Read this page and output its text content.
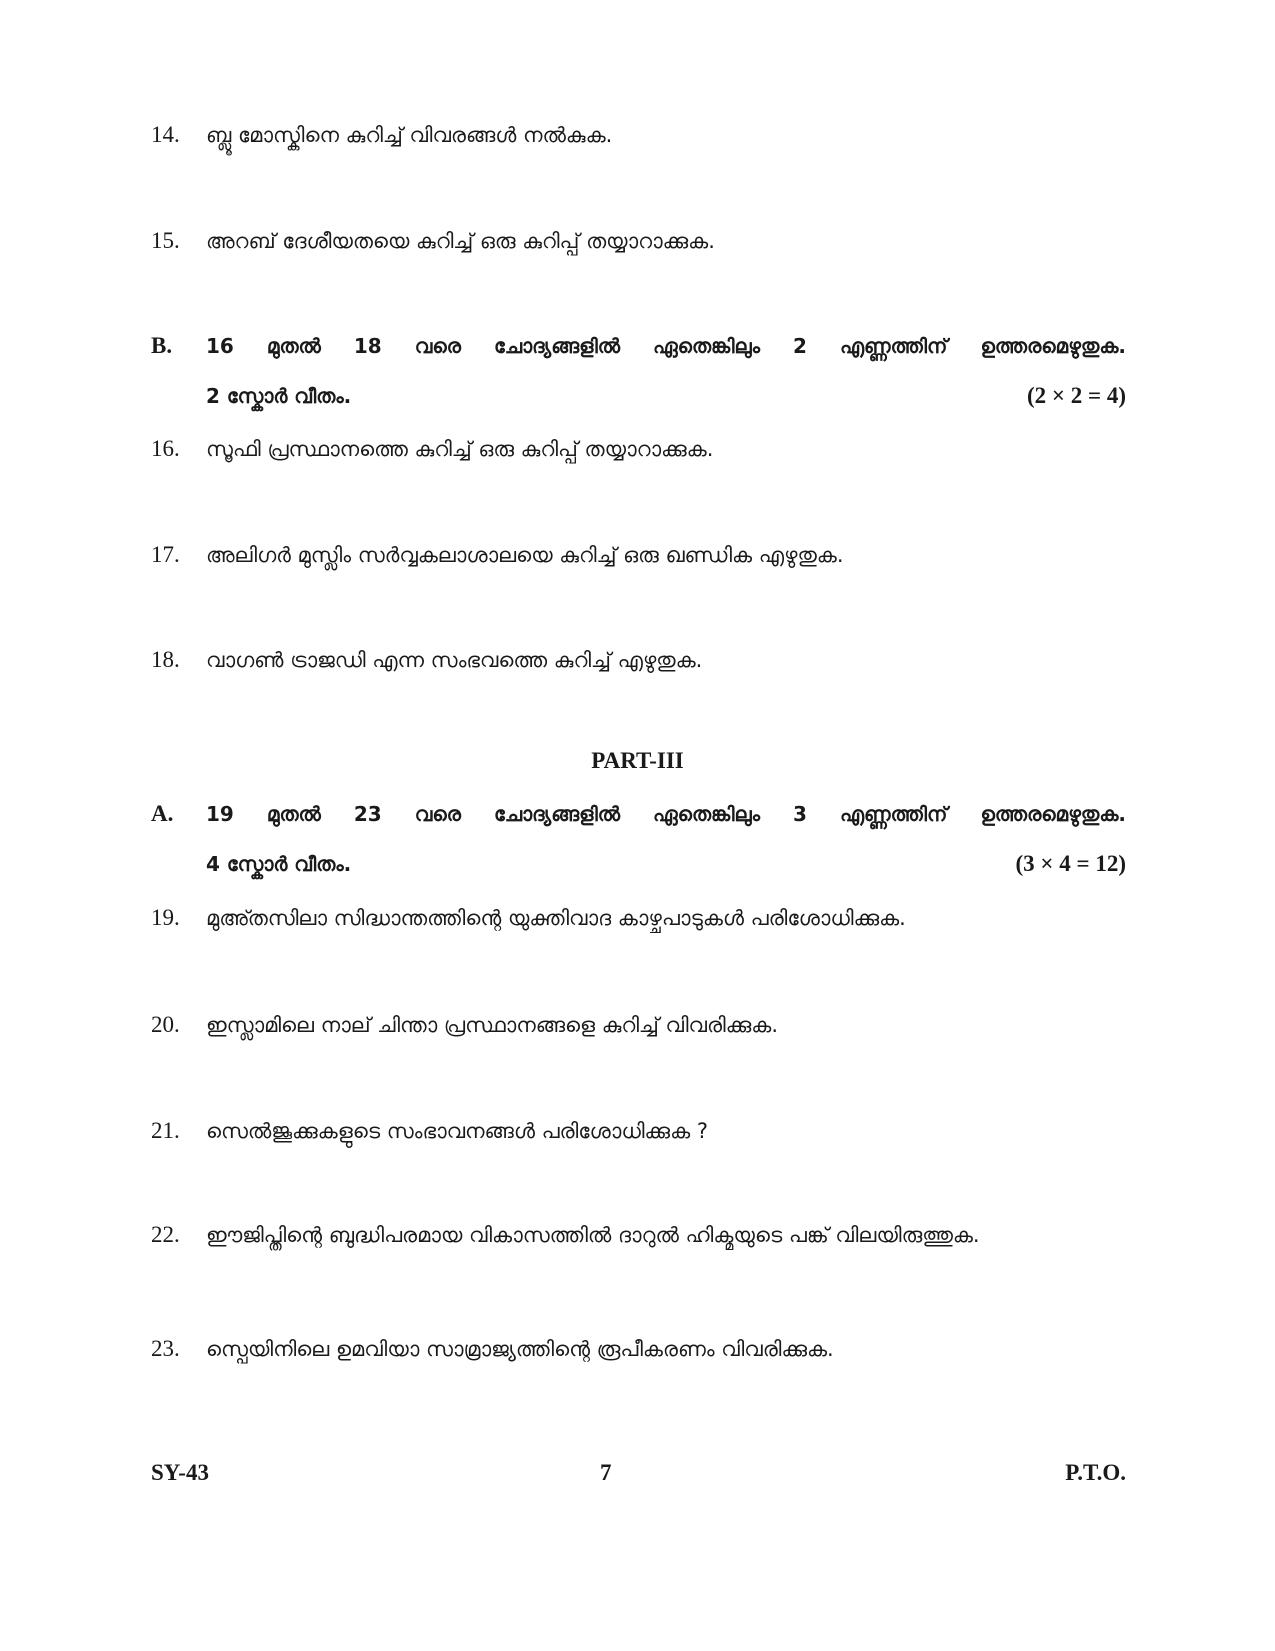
14. ബ്ലൂ മോസ്കിനെ കുറിച്ച് വിവരങ്ങൾ നൽകുക.
15. അറബ് ദേശീയതയെ കുറിച്ച് ഒരു കുറിപ്പ് തയ്യാറാക്കുക.
B. 16 മുതൽ 18 വരെ ചോദ്യങ്ങളിൽ ഏതെങ്കിലും 2 എണ്ണത്തിന് ഉത്തരമെഴുതുക.
2 സ്കോർ വീതം.	(2 × 2 = 4)
16. സൂഫി പ്രസ്ഥാനത്തെ കുറിച്ച് ഒരു കുറിപ്പ് തയ്യാറാക്കുക.
17. അലിഗർ മുസ്ലിം സർവ്വകലാശാലയെ കുറിച്ച് ഒരു ഖണ്ഡിക എഴുതുക.
18. വാഗൺ ട്രാജഡി എന്ന സംഭവത്തെ കുറിച്ച് എഴുതുക.
PART-III
A. 19 മുതൽ 23 വരെ ചോദ്യങ്ങളിൽ ഏതെങ്കിലും 3 എണ്ണത്തിന് ഉത്തരമെഴുതുക.
4 സ്കോർ വീതം.	(3 × 4 = 12)
19. മുഅ്തസിലാ സിദ്ധാന്തത്തിന്റെ യുക്തിവാദ കാഴ്ചപാടുകൾ പരിശോധിക്കുക.
20. ഇസ്ലാമിലെ നാല് ചിന്താ പ്രസ്ഥാനങ്ങളെ കുറിച്ച് വിവരിക്കുക.
21. സെൽജൂക്കുകളുടെ സംഭാവനങ്ങൾ പരിശോധിക്കുക ?
22. ഈജിപ്തിന്റെ ബുദ്ധിപരമായ വികാസത്തിൽ ദാറുൽ ഹിക്മയുടെ പങ്ക് വിലയിരുത്തുക.
23. സ്പെയിനിലെ ഉമവിയാ സാമ്രാജ്യത്തിന്റെ രൂപീകരണം വിവരിക്കുക.
SY-43	7	P.T.O.
